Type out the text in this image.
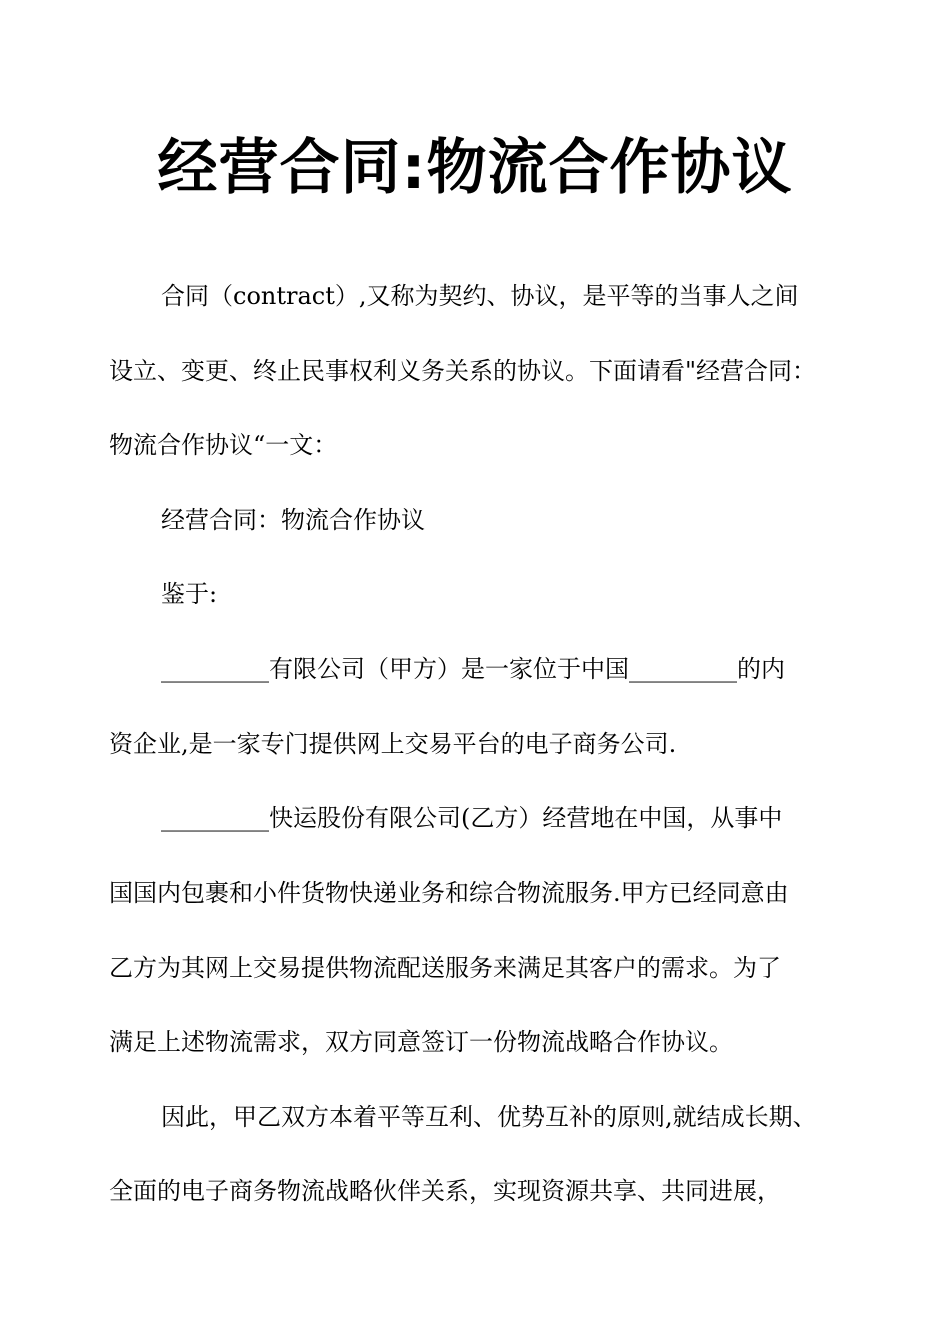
经营合同:物流合作协议

合同（contract）,又称为契约、协议，是平等的当事人之间

设立、变更、终止民事权利义务关系的协议。下面请看"经营合同：

物流合作协议“一文：

经营合同：物流合作协议

鉴于:

_________有限公司（甲方）是一家位于中国_________的内

资企业,是一家专门提供网上交易平台的电子商务公司.

_________快运股份有限公司(乙方）经营地在中国，从事中

国国内包裹和小件货物快递业务和综合物流服务.甲方已经同意由

乙方为其网上交易提供物流配送服务来满足其客户的需求。为了

满足上述物流需求，双方同意签订一份物流战略合作协议。

因此，甲乙双方本着平等互利、优势互补的原则,就结成长期、

全面的电子商务物流战略伙伴关系，实现资源共享、共同进展，
